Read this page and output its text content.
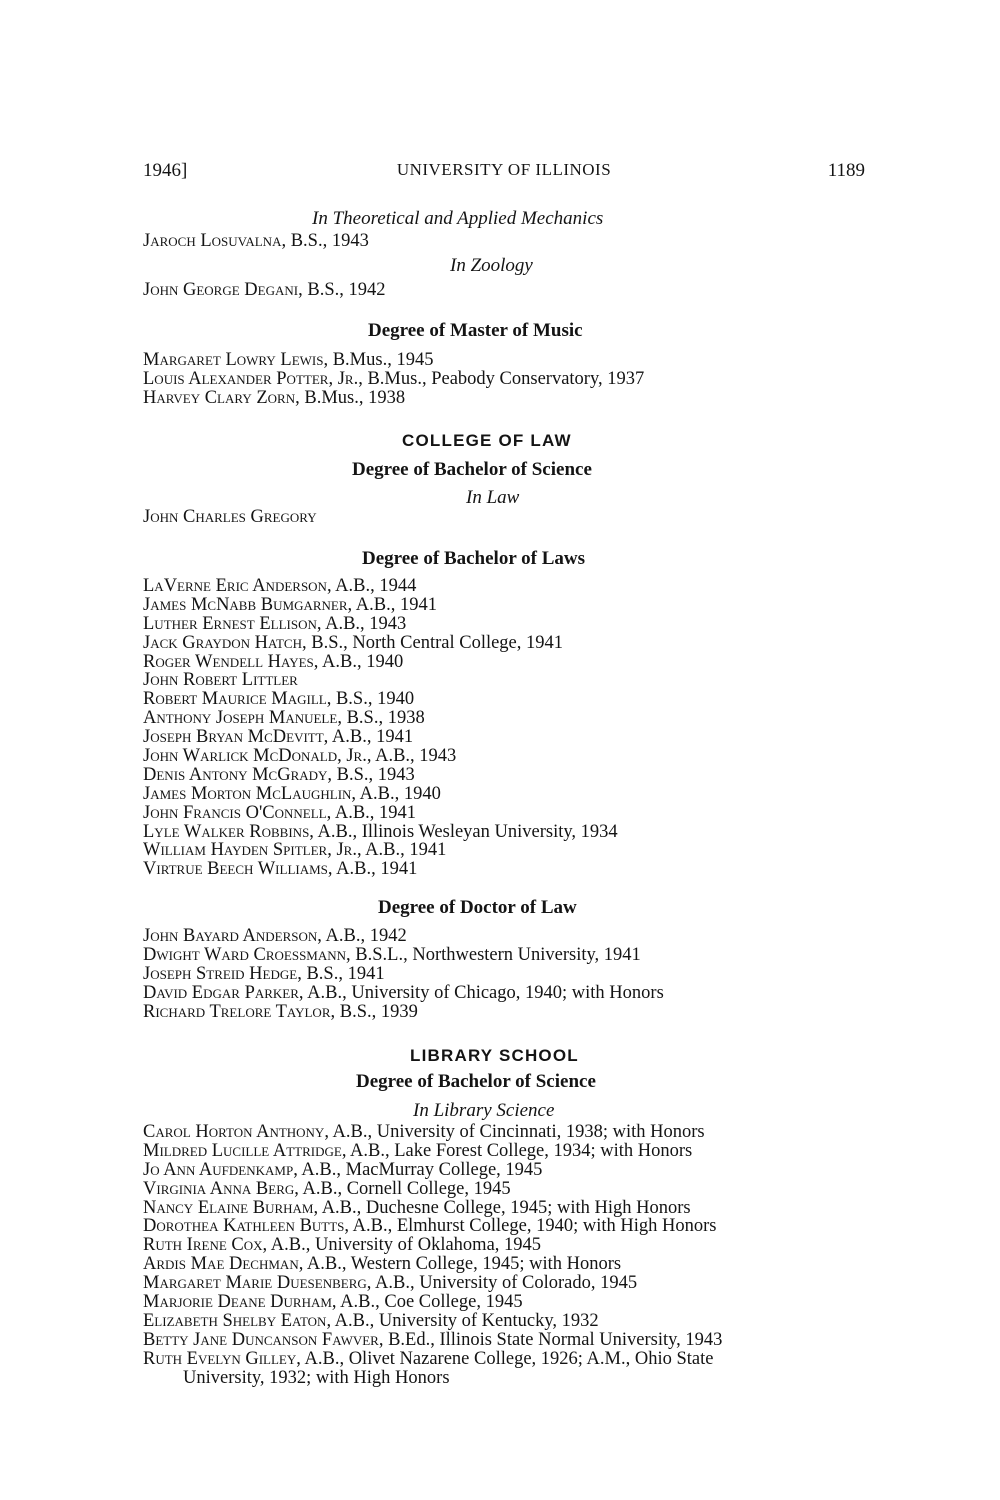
1946]	UNIVERSITY OF ILLINOIS	1189
In Theoretical and Applied Mechanics
Jaroch Losuvalna, B.S., 1943
In Zoology
John George Degani, B.S., 1942
Degree of Master of Music
Margaret Lowry Lewis, B.Mus., 1945
Louis Alexander Potter, Jr., B.Mus., Peabody Conservatory, 1937
Harvey Clary Zorn, B.Mus., 1938
COLLEGE OF LAW
Degree of Bachelor of Science
In Law
John Charles Gregory
Degree of Bachelor of Laws
LaVerne Eric Anderson, A.B., 1944
James McNabb Bumgarner, A.B., 1941
Luther Ernest Ellison, A.B., 1943
Jack Graydon Hatch, B.S., North Central College, 1941
Roger Wendell Hayes, A.B., 1940
John Robert Littler
Robert Maurice Magill, B.S., 1940
Anthony Joseph Manuele, B.S., 1938
Joseph Bryan McDevitt, A.B., 1941
John Warlick McDonald, Jr., A.B., 1943
Denis Antony McGrady, B.S., 1943
James Morton McLaughlin, A.B., 1940
John Francis O'Connell, A.B., 1941
Lyle Walker Robbins, A.B., Illinois Wesleyan University, 1934
William Hayden Spitler, Jr., A.B., 1941
Virtrue Beech Williams, A.B., 1941
Degree of Doctor of Law
John Bayard Anderson, A.B., 1942
Dwight Ward Croessmann, B.S.L., Northwestern University, 1941
Joseph Streid Hedge, B.S., 1941
David Edgar Parker, A.B., University of Chicago, 1940; with Honors
Richard Trelore Taylor, B.S., 1939
LIBRARY SCHOOL
Degree of Bachelor of Science
In Library Science
Carol Horton Anthony, A.B., University of Cincinnati, 1938; with Honors
Mildred Lucille Attridge, A.B., Lake Forest College, 1934; with Honors
Jo Ann Aufdenkamp, A.B., MacMurray College, 1945
Virginia Anna Berg, A.B., Cornell College, 1945
Nancy Elaine Burham, A.B., Duchesne College, 1945; with High Honors
Dorothea Kathleen Butts, A.B., Elmhurst College, 1940; with High Honors
Ruth Irene Cox, A.B., University of Oklahoma, 1945
Ardis Mae Dechman, A.B., Western College, 1945; with Honors
Margaret Marie Duesenberg, A.B., University of Colorado, 1945
Marjorie Deane Durham, A.B., Coe College, 1945
Elizabeth Shelby Eaton, A.B., University of Kentucky, 1932
Betty Jane Duncanson Fawver, B.Ed., Illinois State Normal University, 1943
Ruth Evelyn Gilley, A.B., Olivet Nazarene College, 1926; A.M., Ohio State
University, 1932; with High Honors
